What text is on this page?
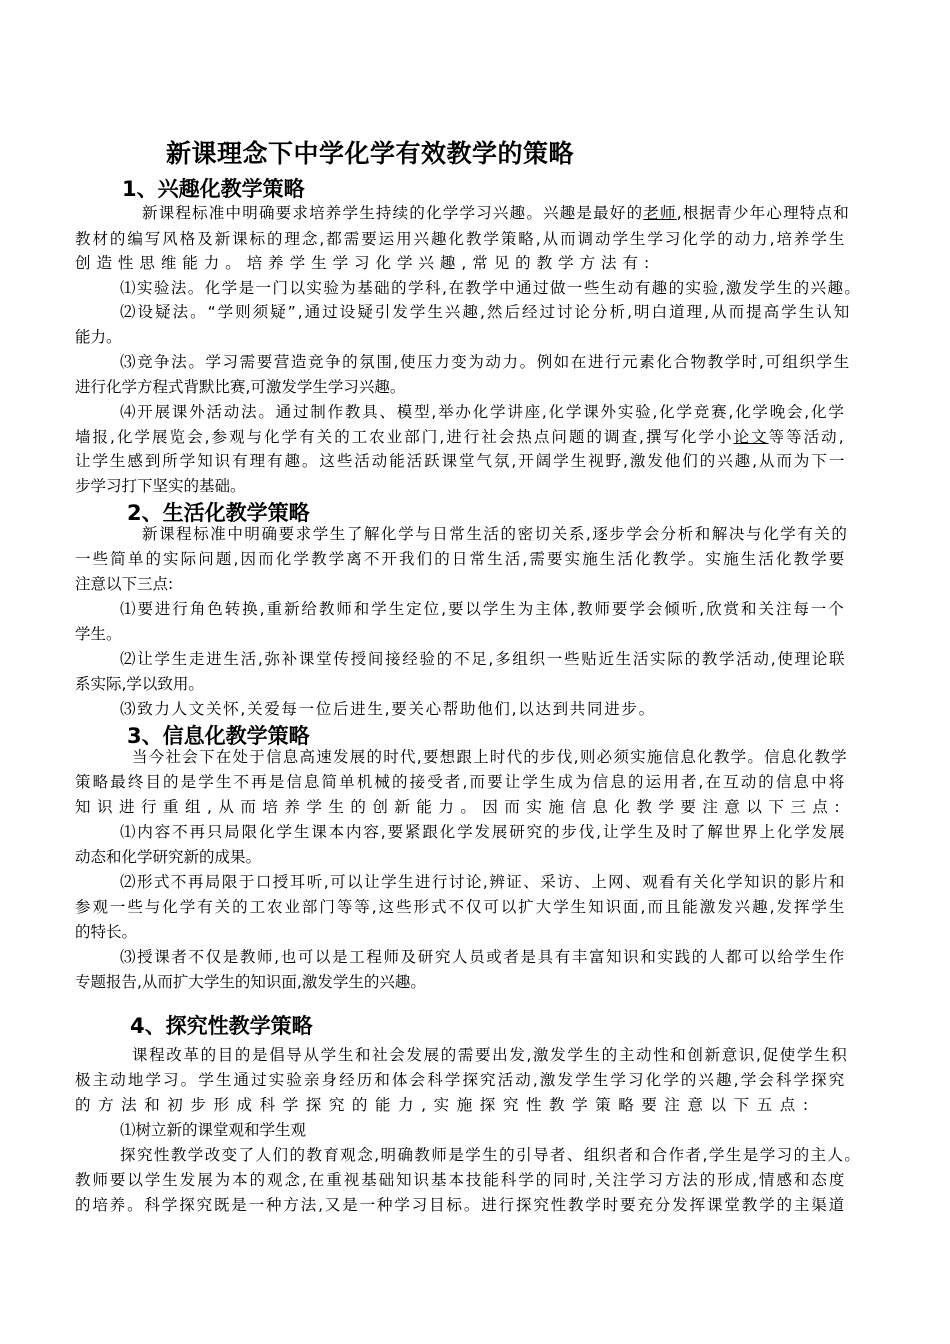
新课理念下中学化学有效教学的策略
1、兴趣化教学策略
新课程标准中明确要求培养学生持续的化学学习兴趣。兴趣是最好的老师,根据青少年心理特点和
教材的编写风格及新课标的理念,都需要运用兴趣化教学策略,从而调动学生学习化学的动力,培养学生
创造性思维能力。培养学生学习化学兴趣,常见的教学方法有:
⑴实验法。化学是一门以实验为基础的学科,在教学中通过做一些生动有趣的实验,激发学生的兴趣。
⑵设疑法。“学则须疑”,通过设疑引发学生兴趣,然后经过讨论分析,明白道理,从而提高学生认知
能力。
⑶竞争法。学习需要营造竞争的氛围,使压力变为动力。例如在进行元素化合物教学时,可组织学生
进行化学方程式背默比赛,可激发学生学习兴趣。
⑷开展课外活动法。通过制作教具、模型,举办化学讲座,化学课外实验,化学竞赛,化学晚会,化学
墙报,化学展览会,参观与化学有关的工农业部门,进行社会热点问题的调查,撰写化学小论文等等活动,
让学生感到所学知识有理有趣。这些活动能活跃课堂气氛,开阔学生视野,激发他们的兴趣,从而为下一
步学习打下坚实的基础。
2、生活化教学策略
新课程标准中明确要求学生了解化学与日常生活的密切关系,逐步学会分析和解决与化学有关的
一些简单的实际问题,因而化学教学离不开我们的日常生活,需要实施生活化教学。实施生活化教学要
注意以下三点:
⑴要进行角色转换,重新给教师和学生定位,要以学生为主体,教师要学会倾听,欣赏和关注每一个
学生。
⑵让学生走进生活,弥补课堂传授间接经验的不足,多组织一些贴近生活实际的教学活动,使理论联
系实际,学以致用。
⑶致力人文关怀,关爱每一位后进生,要关心帮助他们,以达到共同进步。
3、信息化教学策略
当今社会下在处于信息高速发展的时代,要想跟上时代的步伐,则必须实施信息化教学。信息化教学
策略最终目的是学生不再是信息简单机械的接受者,而要让学生成为信息的运用者,在互动的信息中将
知识进行重组,从而培养学生的创新能力。因而实施信息化教学要注意以下三点:
⑴内容不再只局限化学生课本内容,要紧跟化学发展研究的步伐,让学生及时了解世界上化学发展
动态和化学研究新的成果。
⑵形式不再局限于口授耳听,可以让学生进行讨论,辨证、采访、上网、观看有关化学知识的影片和
参观一些与化学有关的工农业部门等等,这些形式不仅可以扩大学生知识面,而且能激发兴趣,发挥学生
的特长。
⑶授课者不仅是教师,也可以是工程师及研究人员或者是具有丰富知识和实践的人都可以给学生作
专题报告,从而扩大学生的知识面,激发学生的兴趣。
4、探究性教学策略
课程改革的目的是倡导从学生和社会发展的需要出发,激发学生的主动性和创新意识,促使学生积
极主动地学习。学生通过实验亲身经历和体会科学探究活动,激发学生学习化学的兴趣,学会科学探究
的方法和初步形成科学探究的能力,实施探究性教学策略要注意以下五点:
⑴树立新的课堂观和学生观
探究性教学改变了人们的教育观念,明确教师是学生的引导者、组织者和合作者,学生是学习的主人。
教师要以学生发展为本的观念,在重视基础知识基本技能科学的同时,关注学习方法的形成,情感和态度
的培养。科学探究既是一种方法,又是一种学习目标。进行探究性教学时要充分发挥课堂教学的主渠道
